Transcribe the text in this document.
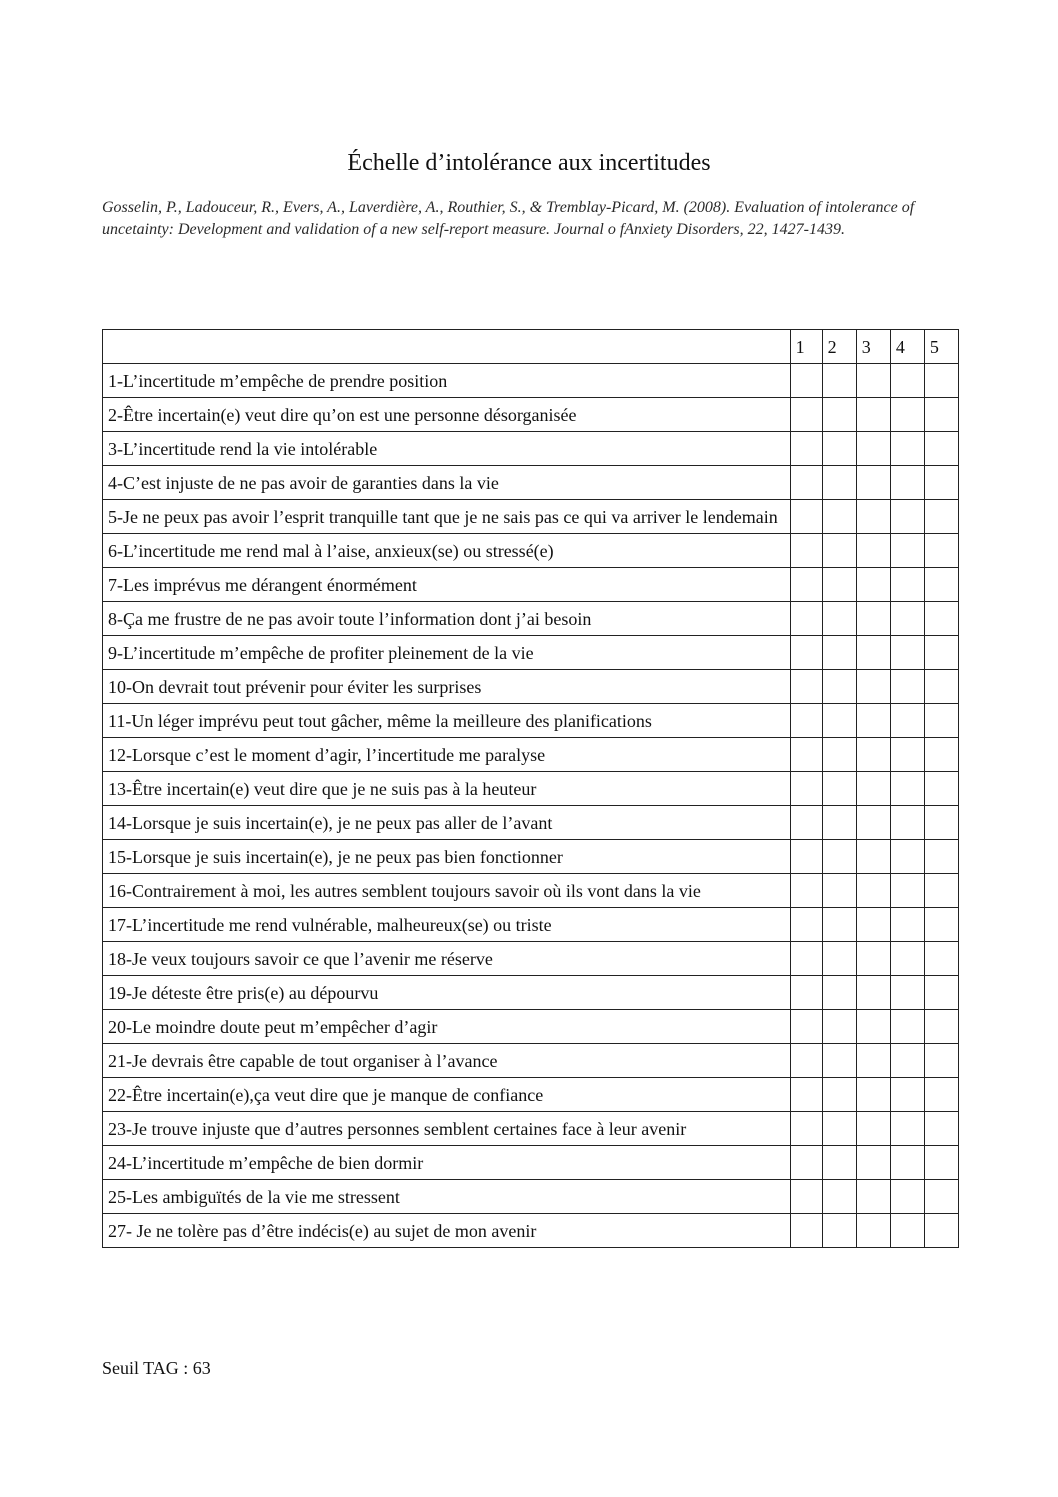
Échelle d’intolérance aux incertitudes

Gosselin, P., Ladouceur, R., Evers, A., Laverdière, A., Routhier, S., & Tremblay-Picard, M. (2008). Evaluation of intolerance of uncetainty: Development and validation of a new self-report measure. Journal o fAnxiety Disorders, 22, 1427-1439.

	1	2	3	4	5
1-L’incertitude m’empêche de prendre position					
2-Être incertain(e) veut dire qu’on est une personne désorganisée					
3-L’incertitude rend la vie intolérable					
4-C’est injuste de ne pas avoir de garanties dans la vie					
5-Je ne peux pas avoir l’esprit tranquille tant que je ne sais pas ce qui va arriver le lendemain					
6-L’incertitude me rend mal à l’aise, anxieux(se) ou stressé(e)					
7-Les imprévus me dérangent énormément					
8-Ça me frustre de ne pas avoir toute l’information dont j’ai besoin					
9-L’incertitude m’empêche de profiter pleinement de la vie					
10-On devrait tout prévenir pour éviter les surprises					
11-Un léger imprévu peut tout gâcher, même la meilleure des planifications					
12-Lorsque c’est le moment d’agir, l’incertitude me paralyse					
13-Être incertain(e) veut dire que je ne suis pas à la heuteur					
14-Lorsque je suis incertain(e), je ne peux pas aller de l’avant					
15-Lorsque je suis incertain(e), je ne peux pas bien fonctionner					
16-Contrairement à moi, les autres semblent toujours savoir où ils vont dans la vie					
17-L’incertitude me rend vulnérable, malheureux(se) ou triste					
18-Je veux toujours savoir ce que l’avenir me réserve					
19-Je déteste être pris(e) au dépourvu					
20-Le moindre doute peut m’empêcher d’agir					
21-Je devrais être capable de tout organiser à l’avance					
22-Être incertain(e),ça veut dire que je manque de confiance					
23-Je trouve injuste que d’autres personnes semblent certaines face à leur avenir					
24-L’incertitude m’empêche de bien dormir					
25-Les ambiguïtés de la vie me stressent					
27- Je ne tolère pas d’être indécis(e) au sujet de mon avenir					

Seuil TAG : 63
